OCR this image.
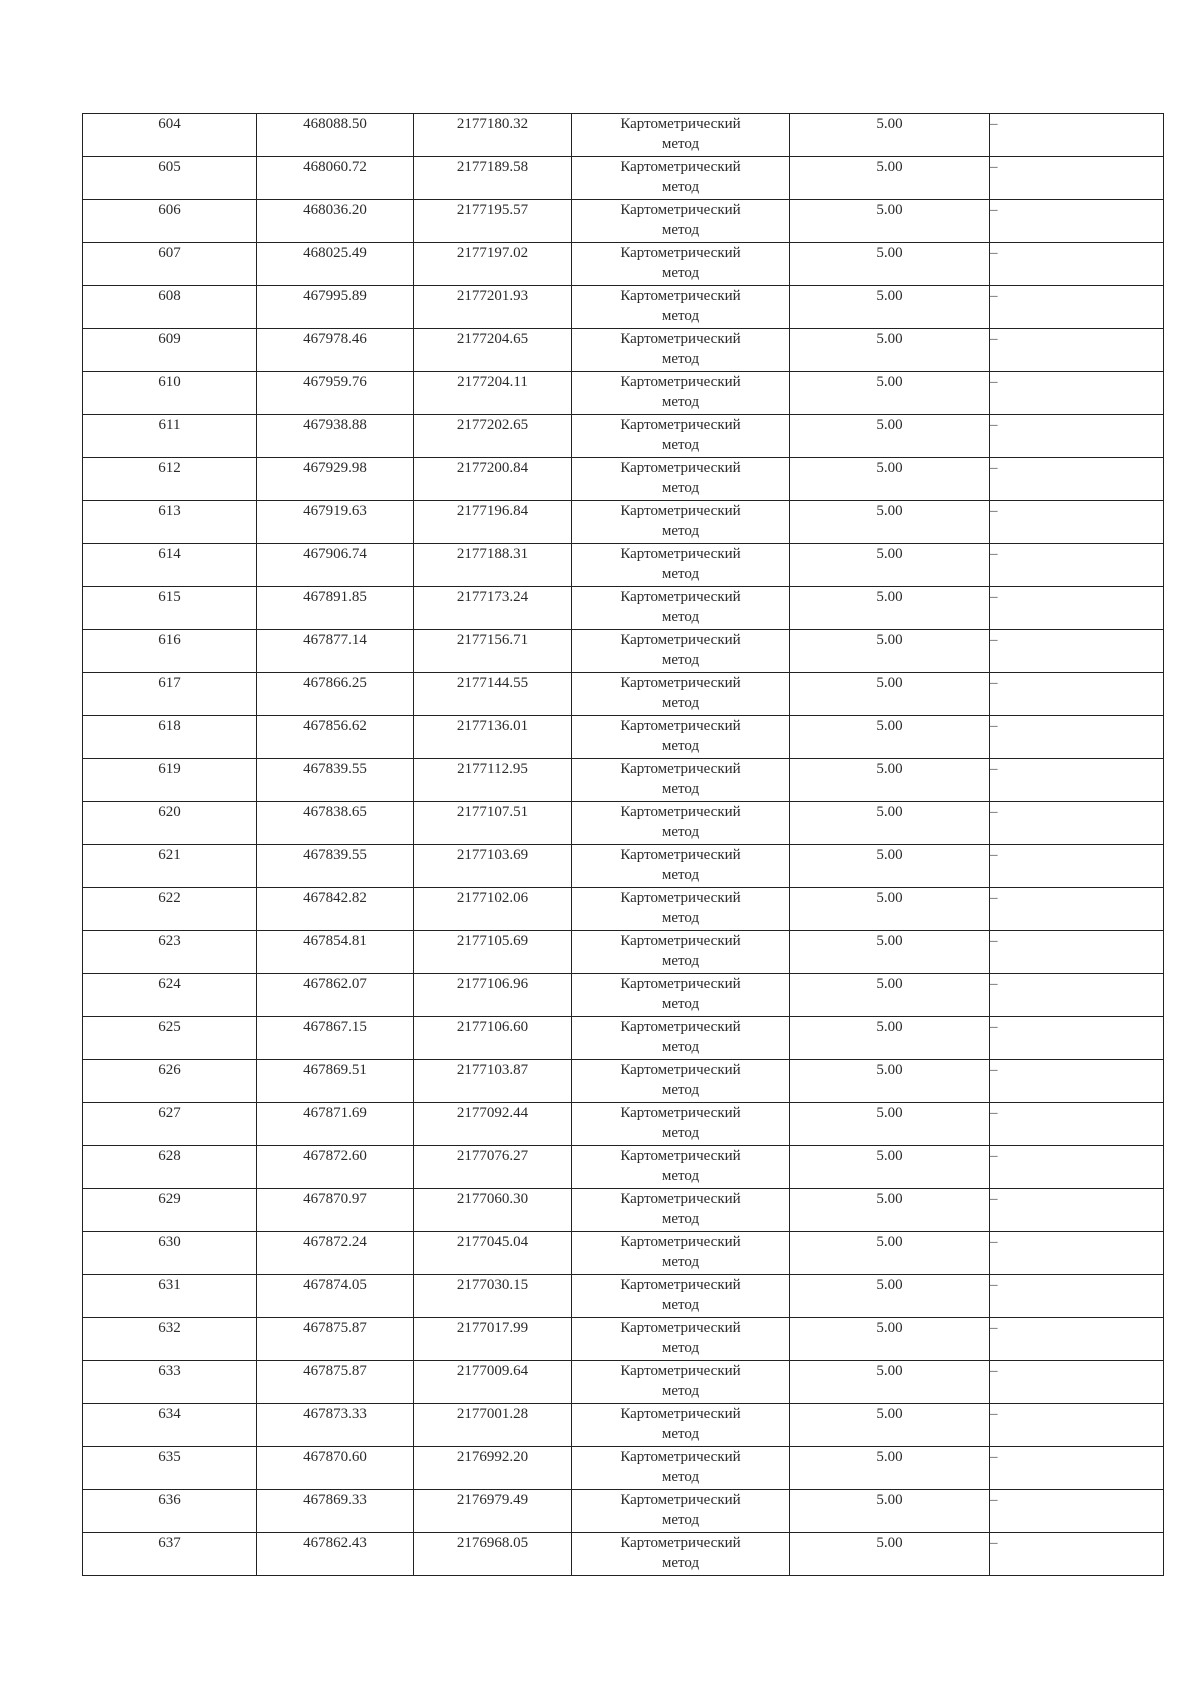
604	468088.50	2177180.32	Картометрический
метод	5.00	–
605	468060.72	2177189.58	Картометрический
метод	5.00	–
606	468036.20	2177195.57	Картометрический
метод	5.00	–
607	468025.49	2177197.02	Картометрический
метод	5.00	–
608	467995.89	2177201.93	Картометрический
метод	5.00	–
609	467978.46	2177204.65	Картометрический
метод	5.00	–
610	467959.76	2177204.11	Картометрический
метод	5.00	–
611	467938.88	2177202.65	Картометрический
метод	5.00	–
612	467929.98	2177200.84	Картометрический
метод	5.00	–
613	467919.63	2177196.84	Картометрический
метод	5.00	–
614	467906.74	2177188.31	Картометрический
метод	5.00	–
615	467891.85	2177173.24	Картометрический
метод	5.00	–
616	467877.14	2177156.71	Картометрический
метод	5.00	–
617	467866.25	2177144.55	Картометрический
метод	5.00	–
618	467856.62	2177136.01	Картометрический
метод	5.00	–
619	467839.55	2177112.95	Картометрический
метод	5.00	–
620	467838.65	2177107.51	Картометрический
метод	5.00	–
621	467839.55	2177103.69	Картометрический
метод	5.00	–
622	467842.82	2177102.06	Картометрический
метод	5.00	–
623	467854.81	2177105.69	Картометрический
метод	5.00	–
624	467862.07	2177106.96	Картометрический
метод	5.00	–
625	467867.15	2177106.60	Картометрический
метод	5.00	–
626	467869.51	2177103.87	Картометрический
метод	5.00	–
627	467871.69	2177092.44	Картометрический
метод	5.00	–
628	467872.60	2177076.27	Картометрический
метод	5.00	–
629	467870.97	2177060.30	Картометрический
метод	5.00	–
630	467872.24	2177045.04	Картометрический
метод	5.00	–
631	467874.05	2177030.15	Картометрический
метод	5.00	–
632	467875.87	2177017.99	Картометрический
метод	5.00	–
633	467875.87	2177009.64	Картометрический
метод	5.00	–
634	467873.33	2177001.28	Картометрический
метод	5.00	–
635	467870.60	2176992.20	Картометрический
метод	5.00	–
636	467869.33	2176979.49	Картометрический
метод	5.00	–
637	467862.43	2176968.05	Картометрический
метод	5.00	–
